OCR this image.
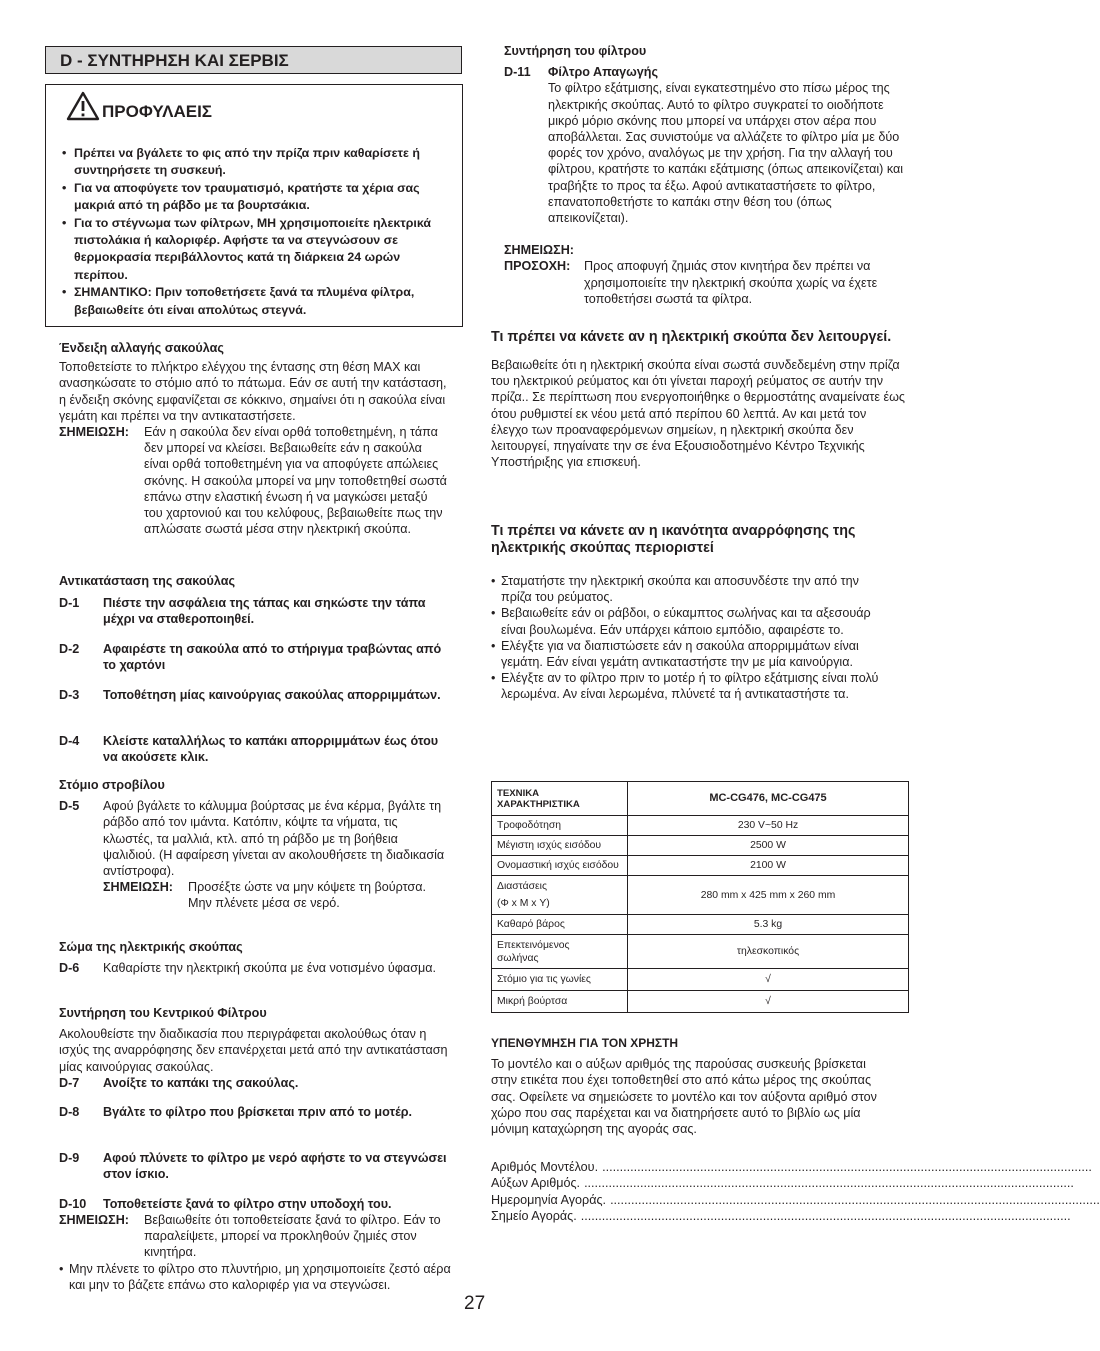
D - ΣΥΝΤΗΡΗΣΗ ΚΑΙ ΣΕΡΒΙΣ
ΠΡΟΦΥΛΑΕΙΣ
• Πρέπει να βγάλετε το φις από την πρίζα πριν καθαρίσετε ή συντηρήσετε τη συσκευή.
• Για να αποφύγετε τον τραυματισμό, κρατήστε τα χέρια σας μακριά από τη ράβδο με τα βουρτσάκια.
• Για το στέγνωμα των φίλτρων, ΜΗ χρησιμοποιείτε ηλεκτρικά πιστολάκια ή καλοριφέρ. Αφήστε τα να στεγνώσουν σε θερμοκρασία περιβάλλοντος κατά τη διάρκεια 24 ωρών περίπου.
• ΣΗΜΑΝΤΙΚΟ: Πριν τοποθετήσετε ξανά τα πλυμένα φίλτρα, βεβαιωθείτε ότι είναι απολύτως στεγνά.

Ένδειξη αλλαγής σακούλας

Τοποθετείστε το πλήκτρο ελέγχου της έντασης στη θέση MAX και ανασηκώσατε το στόμιο από το πάτωμα. Εάν σε αυτή την κατάσταση, η ένδειξη σκόνης εμφανίζεται σε κόκκινο, σημαίνει ότι η σακούλα είναι γεμάτη και πρέπει να την αντικαταστήσετε.

ΣΗΜΕΙΩΣΗ: Εάν η σακούλα δεν είναι ορθά τοποθετημένη, η τάπα δεν μπορεί να κλείσει. Βεβαιωθείτε εάν η σακούλα είναι ορθά τοποθετημένη για να αποφύγετε απώλειες σκόνης. Η σακούλα μπορεί να μην τοποθετηθεί σωστά επάνω στην ελαστική ένωση ή να μαγκώσει μεταξύ του χαρτονιού και του κελύφους, βεβαιωθείτε πως την απλώσατε σωστά μέσα στην ηλεκτρική σκούπα.

Αντικατάσταση της σακούλας

D-1 Πιέστε την ασφάλεια της τάπας και σηκώστε την τάπα μέχρι να σταθεροποιηθεί.
D-2 Αφαιρέστε τη σακούλα από το στήριγμα τραβώντας από το χαρτόνι
D-3 Τοποθέτηση μίας καινούργιας σακούλας απορριμμάτων.
D-4 Κλείστε καταλλήλως το καπάκι απορριμμάτων έως ότου να ακούσετε κλικ.

Στόμιο στροβίλου

D-5 Αφού βγάλετε το κάλυμμα βούρτσας με ένα κέρμα, βγάλτε τη ράβδο από τον ιμάντα. Κατόπιν, κόψτε τα νήματα, τις κλωστές, τα μαλλιά, κτλ. από τη ράβδο με τη βοήθεια ψαλιδιού. (Η αφαίρεση γίνεται αν ακολουθήσετε τη διαδικασία αντίστροφα).

ΣΗΜΕΙΩΣΗ: Προσέξτε ώστε να μην κόψετε τη βούρτσα.

Μην πλένετε μέσα σε νερό.

Σώμα της ηλεκτρικής σκούπας

D-6 Καθαρίστε την ηλεκτρική σκούπα με ένα νοτισμένο ύφασμα.

Συντήρηση του Κεντρικού Φίλτρου

Ακολουθείστε την διαδικασία που περιγράφεται ακολούθως όταν η ισχύς της αναρρόφησης δεν επανέρχεται μετά από την αντικατάσταση μίας καινούργιας σακούλας.

D-7 Ανοίξτε το καπάκι της σακούλας.
D-8 Βγάλτε το φίλτρο που βρίσκεται πριν από το μοτέρ.
D-9 Αφού πλύνετε το φίλτρο με νερό αφήστε το να στεγνώσει στον ίσκιο.
D-10 Τοποθετείστε ξανά το φίλτρο στην υποδοχή του.
ΣΗΜΕΙΩΣΗ: Βεβαιωθείτε ότι τοποθετείσατε ξανά το φίλτρο. Εάν το παραλείψετε, μπορεί να προκληθούν ζημιές στον κινητήρα.

• Μην πλένετε το φίλτρο στο πλυντήριο, μη χρησιμοποιείτε ζεστό αέρα και μην το βάζετε επάνω στο καλοριφέρ για να στεγνώσει.

Συντήρηση του φίλτρου

D-11 Φίλτρο Απαγωγής

Το φίλτρο εξάτμισης, είναι εγκατεστημένο στο πίσω μέρος της ηλεκτρικής σκούπας. Αυτό το φίλτρο συγκρατεί το οιοδήποτε μικρό μόριο σκόνης που μπορεί να υπάρχει στον αέρα που αποβάλλεται. Σας συνιστούμε να αλλάζετε το φίλτρο μία με δύο φορές τον χρόνο, αναλόγως με την χρήση. Για την αλλαγή του φίλτρου, κρατήστε το καπάκι εξάτμισης (όπως απεικονίζεται) και τραβήξτε το προς τα έξω. Αφού αντικαταστήσετε το φίλτρο, επανατοποθετήστε το καπάκι στην θέση του (όπως απεικονίζεται).

ΣΗΜΕΙΩΣΗ:

ΠΡΟΣΟΧΗ: Προς αποφυγή ζημιάς στον κινητήρα δεν πρέπει να χρησιμοποιείτε την ηλεκτρική σκούπα χωρίς να έχετε τοποθετήσει σωστά τα φίλτρα.

Τι πρέπει να κάνετε αν η ηλεκτρική σκούπα δεν λειτουργεί.

Βεβαιωθείτε ότι η ηλεκτρική σκούπα είναι σωστά συνδεδεμένη στην πρίζα του ηλεκτρικού ρεύματος και ότι γίνεται παροχή ρεύματος σε αυτήν την πρίζα.. Σε περίπτωση που ενεργοποιήθηκε ο θερμοστάτης αναμείνατε έως ότου ρυθμιστεί εκ νέου μετά από περίπου 60 λεπτά. Αν και μετά τον έλεγχο των προαναφερόμενων σημείων, η ηλεκτρική σκούπα δεν λειτουργεί, πηγαίνατε την σε ένα Εξουσιοδοτημένο Κέντρο Τεχνικής Υποστήριξης για επισκευή.

Τι πρέπει να κάνετε αν η ικανότητα αναρρόφησης της ηλεκτρικής σκούπας περιοριστεί

• Σταματήστε την ηλεκτρική σκούπα και αποσυνδέστε την από την πρίζα του ρεύματος.
• Βεβαιωθείτε εάν οι ράβδοι, ο εύκαμπτος σωλήνας και τα αξεσουάρ είναι βουλωμένα. Εάν υπάρχει κάποιο εμπόδιο, αφαιρέστε το.
• Ελέγξτε για να διαπιστώσετε εάν η σακούλα απορριμμάτων είναι γεμάτη. Εάν είναι γεμάτη αντικαταστήστε την με μία καινούργια.
• Ελέγξτε αν το φίλτρο πριν το μοτέρ ή το φίλτρο εξάτμισης είναι πολύ λερωμένα. Αν είναι λερωμένα, πλύνετέ τα ή αντικαταστήστε τα.
ΤΕΧΝΙΚΑ
ΧΑΡΑΚΤΗΡΙΣΤΙΚΑ	MC-CG476, MC-CG475
Τροφοδότηση	230 V~50 Hz
Μέγιστη ισχύς εισόδου	2500 W
Ονομαστική ισχύς εισόδου	2100 W

Διαστάσεις
(Φ x Μ x Υ)	280 mm x 425 mm x 260 mm
Καθαρό βάρος	5.3 kg

Επεκτεινόμενος
σωλήνας	τηλεσκοπικός
Στόμιο για τις γωνίες	√
Μικρή βούρτσα	√

ΥΠΕΝΘΥΜΗΣΗ ΓΙΑ ΤΟΝ ΧΡΗΣΤΗ

Το μοντέλο και ο αύξων αριθμός της παρούσας συσκευής βρίσκεται στην ετικέτα που έχει τοποθετηθεί στο από κάτω μέρος της σκούπας σας. Οφείλετε να σημειώσετε το μοντέλο και τον αύξοντα αριθμό στον χώρο που σας παρέχεται και να διατηρήσετε αυτό το βιβλίο ως μία μόνιμη καταχώρηση της αγοράς σας.

Αριθμός Μοντέλου. ............................................................................................................................................
Αύξων Αριθμός. ............................................................................................................................................
Ημερομηνία Αγοράς. ............................................................................................................................................
Σημείο Αγοράς. ............................................................................................................................................
27
